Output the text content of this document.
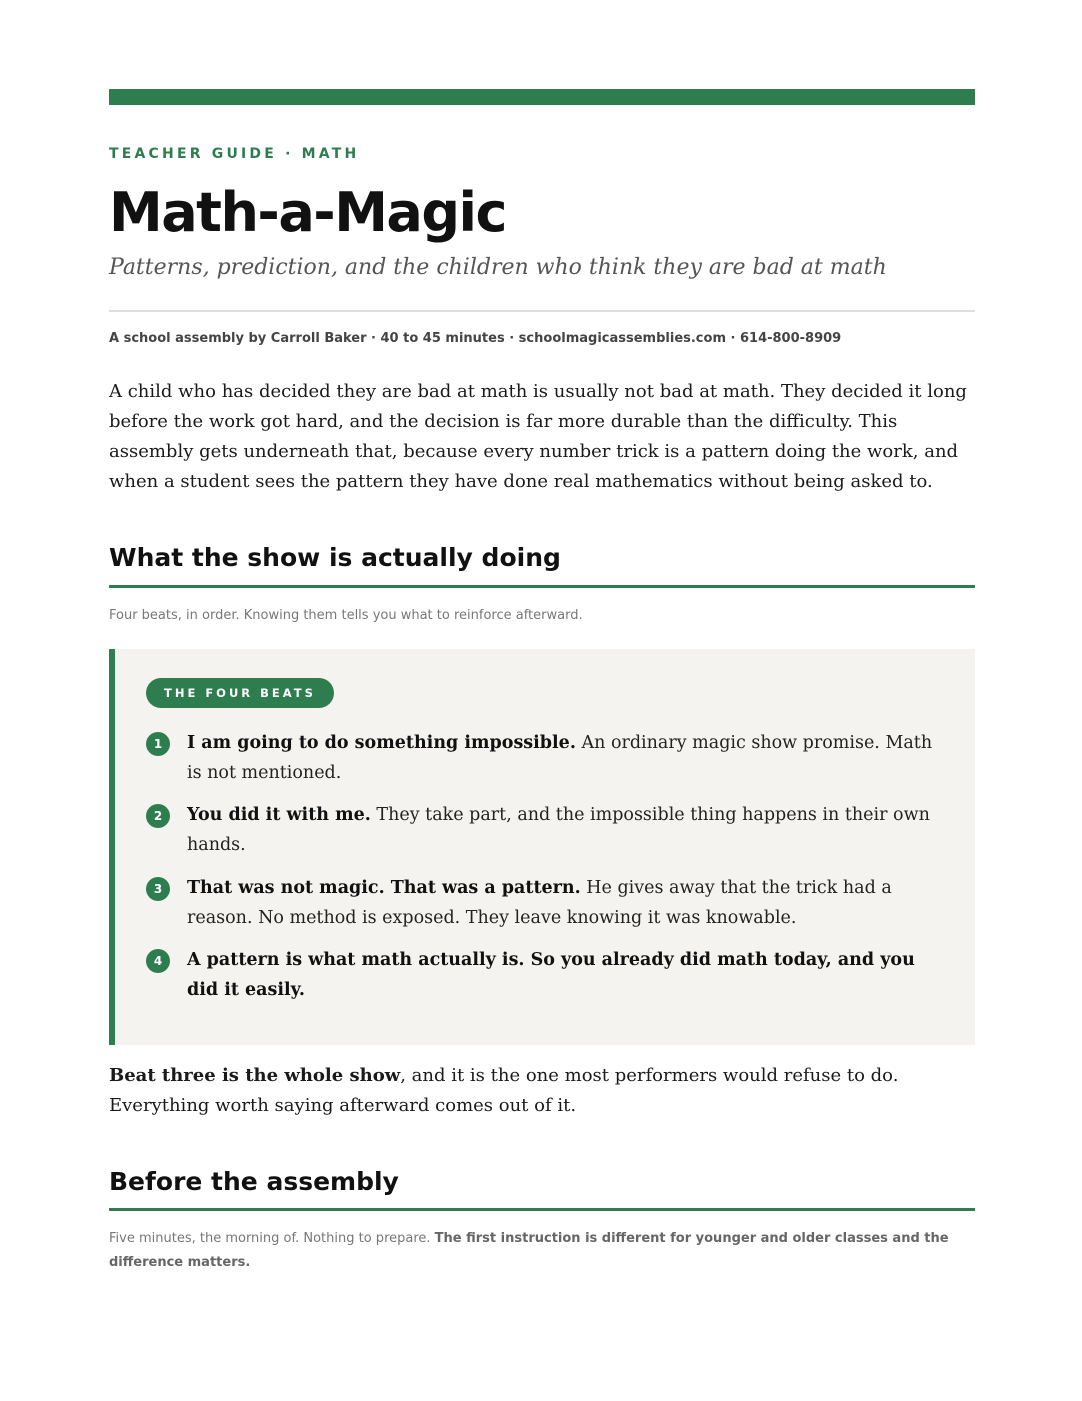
TEACHER GUIDE · MATH
Math-a-Magic
Patterns, prediction, and the children who think they are bad at math
A school assembly by Carroll Baker · 40 to 45 minutes · schoolmagicassemblies.com · 614-800-8909

A child who has decided they are bad at math is usually not bad at math. They decided it long before the work got hard, and the decision is far more durable than the difficulty. This assembly gets underneath that, because every number trick is a pattern doing the work, and when a student sees the pattern they have done real mathematics without being asked to.

What the show is actually doing
Four beats, in order. Knowing them tells you what to reinforce afterward.
THE FOUR BEATS
1	I am going to do something impossible. An ordinary magic show promise. Math is not mentioned.
2	You did it with me. They take part, and the impossible thing happens in their own hands.
3	That was not magic. That was a pattern. He gives away that the trick had a reason. No method is exposed. They leave knowing it was knowable.
4	A pattern is what math actually is. So you already did math today, and you did it easily.

Beat three is the whole show, and it is the one most performers would refuse to do. Everything worth saying afterward comes out of it.

Before the assembly
Five minutes, the morning of. Nothing to prepare. The first instruction is different for younger and older classes and the difference matters.
